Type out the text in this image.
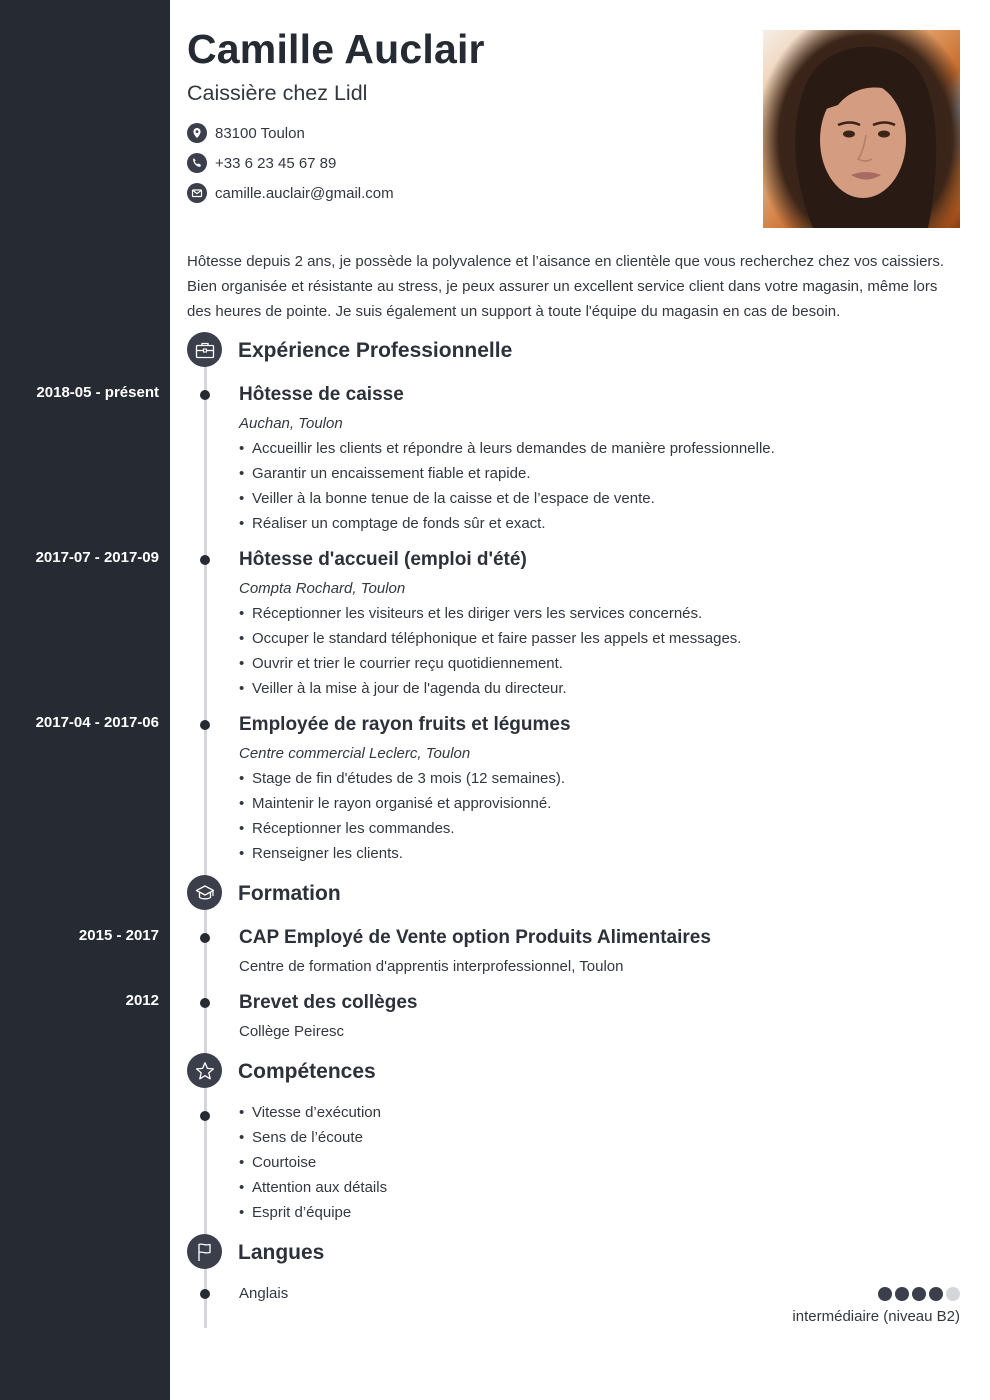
Camille Auclair
Caissière chez Lidl
83100 Toulon
+33 6 23 45 67 89
camille.auclair@gmail.com

Hôtesse depuis 2 ans, je possède la polyvalence et l’aisance en clientèle que vous recherchez chez vos caissiers. Bien organisée et résistante au stress, je peux assurer un excellent service client dans votre magasin, même lors des heures de pointe. Je suis également un support à toute l'équipe du magasin en cas de besoin.

Expérience Professionnelle
2018-05 - présent	Hôtesse de caisse
Auchan, Toulon
• Accueillir les clients et répondre à leurs demandes de manière professionnelle.
• Garantir un encaissement fiable et rapide.
• Veiller à la bonne tenue de la caisse et de l’espace de vente.
• Réaliser un comptage de fonds sûr et exact.
2017-07 - 2017-09	Hôtesse d'accueil (emploi d'été)
Compta Rochard, Toulon
• Réceptionner les visiteurs et les diriger vers les services concernés.
• Occuper le standard téléphonique et faire passer les appels et messages.
• Ouvrir et trier le courrier reçu quotidiennement.
• Veiller à la mise à jour de l'agenda du directeur.
2017-04 - 2017-06	Employée de rayon fruits et légumes
Centre commercial Leclerc, Toulon
• Stage de fin d'études de 3 mois (12 semaines).
• Maintenir le rayon organisé et approvisionné.
• Réceptionner les commandes.
• Renseigner les clients.
Formation
2015 - 2017	CAP Employé de Vente option Produits Alimentaires
Centre de formation d'apprentis interprofessionnel, Toulon
2012	Brevet des collèges
Collège Peiresc
Compétences
• Vitesse d’exécution
• Sens de l’écoute
• Courtoise
• Attention aux détails
• Esprit d’équipe
Langues
Anglais
intermédiaire (niveau B2)
